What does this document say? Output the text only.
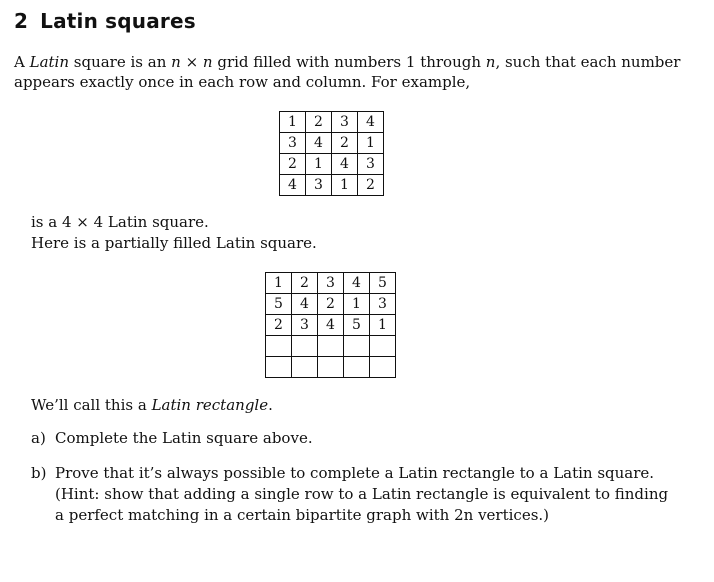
2 Latin squares

A Latin square is an n × n grid filled with numbers 1 through n, such that each number

appears exactly once in each row and column. For example,

1	2	3	4
3	4	2	1
2	1	4	3
4	3	1	2

is a 4 × 4 Latin square.

Here is a partially filled Latin square.

1	2	3	4	5
5	4	2	1	3
2	3	4	5	1

We’ll call this a Latin rectangle.

a) Complete the Latin square above.
b) Prove that it’s always possible to complete a Latin rectangle to a Latin square.
(Hint: show that adding a single row to a Latin rectangle is equivalent to finding
a perfect matching in a certain bipartite graph with 2n vertices.)
